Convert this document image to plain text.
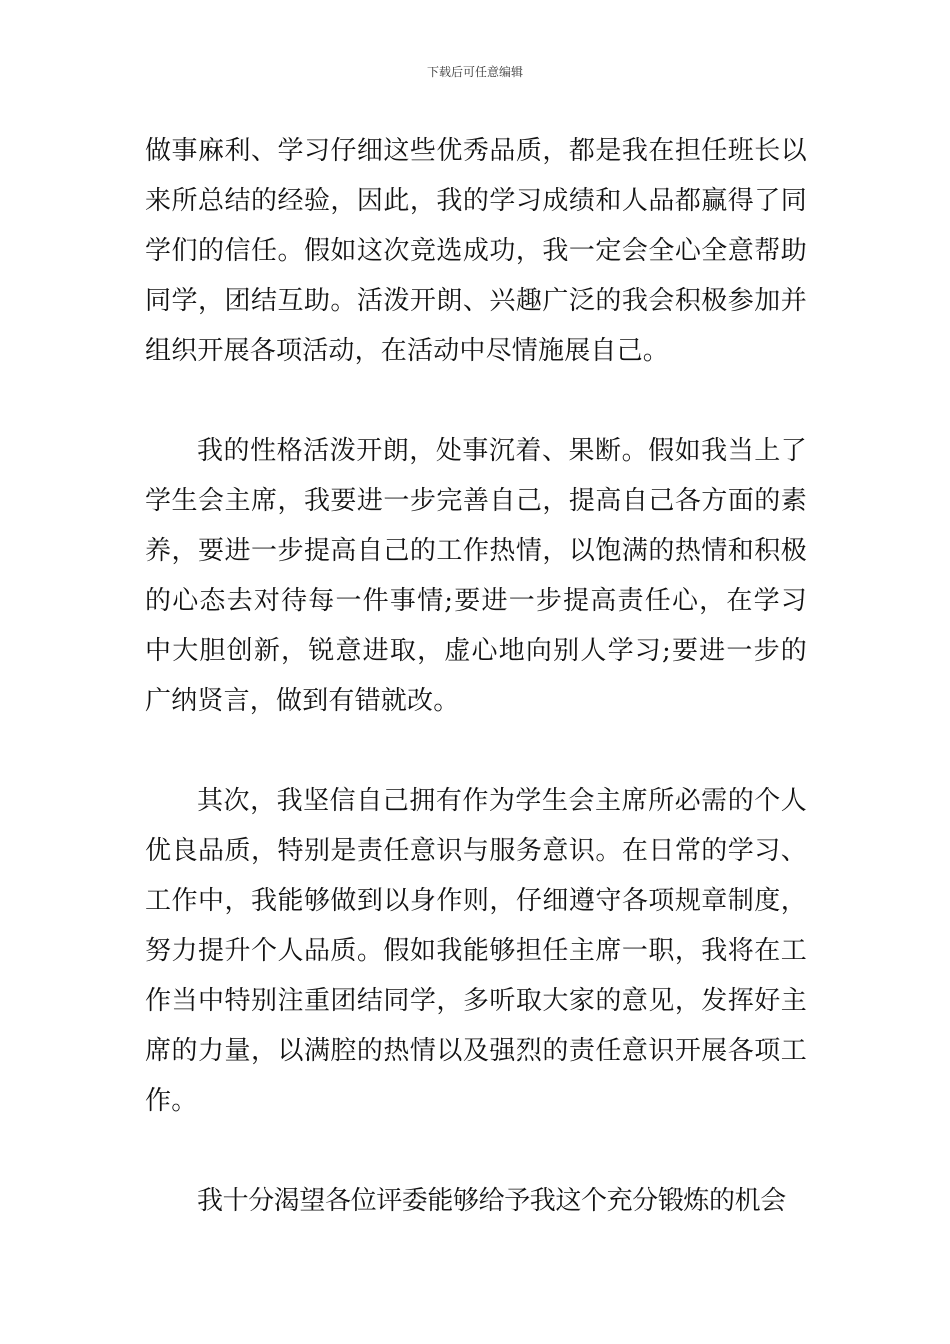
下载后可任意编辑

做事麻利、学习仔细这些优秀品质，都是我在担任班长以来所总结的经验，因此，我的学习成绩和人品都赢得了同学们的信任。假如这次竞选成功，我一定会全心全意帮助同学，团结互助。活泼开朗、兴趣广泛的我会积极参加并组织开展各项活动，在活动中尽情施展自己。

我的性格活泼开朗，处事沉着、果断。假如我当上了学生会主席，我要进一步完善自己，提高自己各方面的素养，要进一步提高自己的工作热情，以饱满的热情和积极的心态去对待每一件事情;要进一步提高责任心，在学习中大胆创新，锐意进取，虚心地向别人学习;要进一步的广纳贤言，做到有错就改。

其次，我坚信自己拥有作为学生会主席所必需的个人优良品质，特别是责任意识与服务意识。在日常的学习、工作中，我能够做到以身作则，仔细遵守各项规章制度，努力提升个人品质。假如我能够担任主席一职，我将在工作当中特别注重团结同学，多听取大家的意见，发挥好主席的力量，以满腔的热情以及强烈的责任意识开展各项工作。

我十分渴望各位评委能够给予我这个充分锻炼的机会
